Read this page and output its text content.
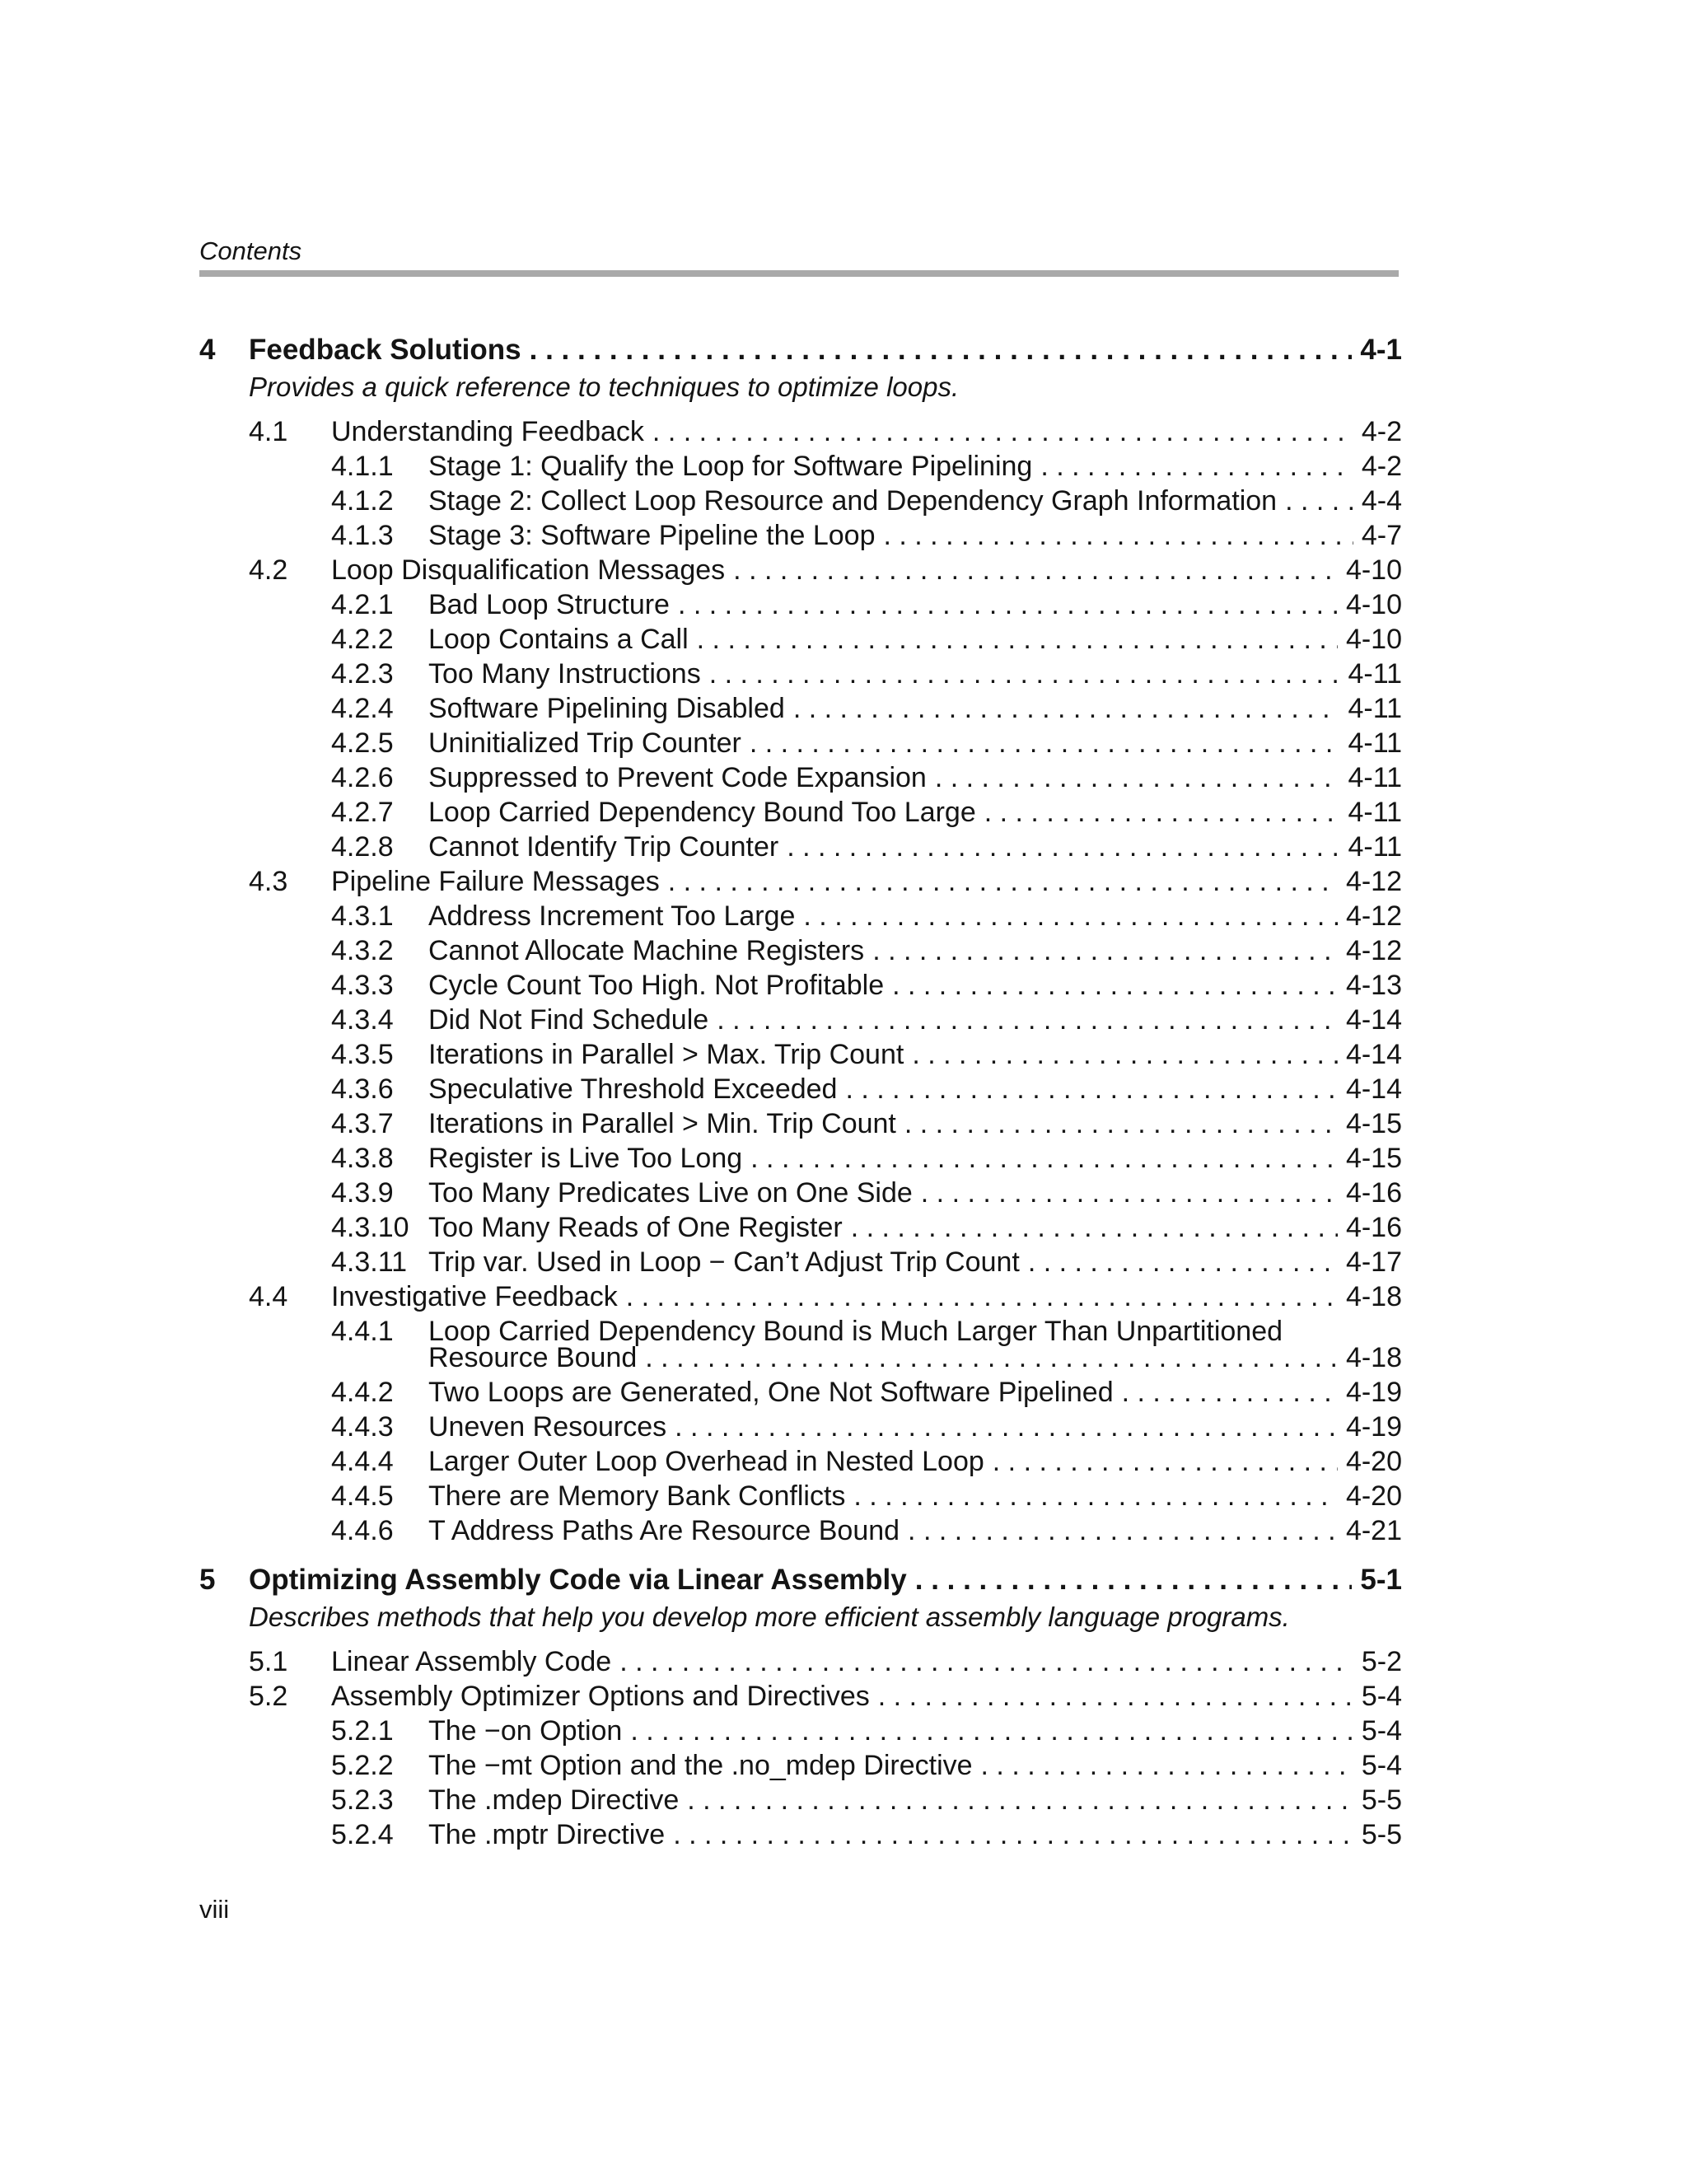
Contents
4	Feedback Solutions . . .	4-1
Provides a quick reference to techniques to optimize loops.
4.1	Understanding Feedback . . .	4-2
4.1.1	Stage 1: Qualify the Loop for Software Pipelining . . .	4-2
4.1.2	Stage 2: Collect Loop Resource and Dependency Graph Information . . .	4-4
4.1.3	Stage 3: Software Pipeline the Loop . . .	4-7
4.2	Loop Disqualification Messages . . .	4-10
4.2.1	Bad Loop Structure . . .	4-10
4.2.2	Loop Contains a Call . . .	4-10
4.2.3	Too Many Instructions . . .	4-11
4.2.4	Software Pipelining Disabled . . .	4-11
4.2.5	Uninitialized Trip Counter . . .	4-11
4.2.6	Suppressed to Prevent Code Expansion . . .	4-11
4.2.7	Loop Carried Dependency Bound Too Large . . .	4-11
4.2.8	Cannot Identify Trip Counter . . .	4-11
4.3	Pipeline Failure Messages . . .	4-12
4.3.1	Address Increment Too Large . . .	4-12
4.3.2	Cannot Allocate Machine Registers . . .	4-12
4.3.3	Cycle Count Too High. Not Profitable . . .	4-13
4.3.4	Did Not Find Schedule . . .	4-14
4.3.5	Iterations in Parallel > Max. Trip Count . . .	4-14
4.3.6	Speculative Threshold Exceeded . . .	4-14
4.3.7	Iterations in Parallel > Min. Trip Count . . .	4-15
4.3.8	Register is Live Too Long . . .	4-15
4.3.9	Too Many Predicates Live on One Side . . .	4-16
4.3.10 Too Many Reads of One Register . . .	4-16
4.3.11 Trip var. Used in Loop − Can’t Adjust Trip Count . . .	4-17
4.4	Investigative Feedback . . .	4-18
4.4.1	Loop Carried Dependency Bound is Much Larger Than Unpartitioned
Resource Bound . . .	4-18
4.4.2	Two Loops are Generated, One Not Software Pipelined . . .	4-19
4.4.3	Uneven Resources . . .	4-19
4.4.4	Larger Outer Loop Overhead in Nested Loop . . .	4-20
4.4.5	There are Memory Bank Conflicts . . .	4-20
4.4.6	T Address Paths Are Resource Bound . . .	4-21
5	Optimizing Assembly Code via Linear Assembly . . .	5-1
Describes methods that help you develop more efficient assembly language programs.
5.1	Linear Assembly Code . . .	5-2
5.2	Assembly Optimizer Options and Directives . . .	5-4
5.2.1	The −on Option . . .	5-4
5.2.2	The −mt Option and the .no_mdep Directive . . .	5-4
5.2.3	The .mdep Directive . . .	5-5
5.2.4	The .mptr Directive . . .	5-5
viii
